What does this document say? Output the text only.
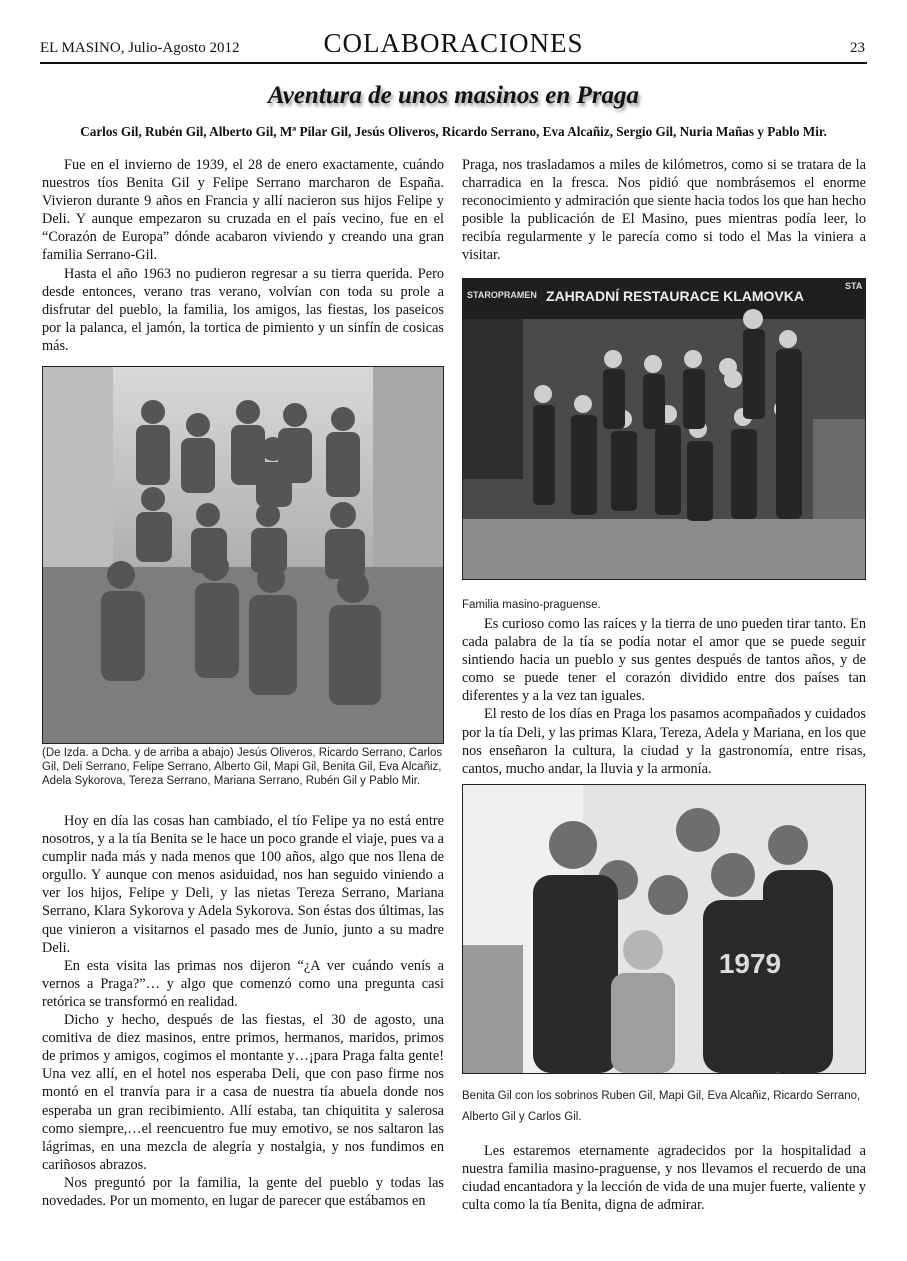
EL MASINO, Julio-Agosto 2012	COLABORACIONES	23
Aventura de unos masinos en Praga
Carlos Gil, Rubén Gil, Alberto Gil, Mª Pilar Gil, Jesús Oliveros, Ricardo Serrano, Eva Alcañiz, Sergio Gil, Nuria Mañas y Pablo Mir.

Fue en el invierno de 1939, el 28 de enero exactamente, cuándo nuestros tíos Benita Gil y Felipe Serrano marcharon de España. Vivieron durante 9 años en Francia y allí nacieron sus hijos Felipe y Deli. Y aunque empezaron su cruzada en el país vecino, fue en el “Corazón de Europa” dónde acabaron viviendo y creando una gran familia Serrano-Gil.

Hasta el año 1963 no pudieron regresar a su tierra querida. Pero desde entonces, verano tras verano, volvían con toda su prole a disfrutar del pueblo, la familia, los amigos, las fiestas, los paseicos por la palanca, el jamón, la tortica de pimiento y un sinfín de cosicas más.

(De Izda. a Dcha. y de arriba a abajo) Jesús Oliveros, Ricardo Serrano, Carlos Gil, Deli Serrano, Felipe Serrano, Alberto Gil, Mapi Gil, Benita Gil, Eva Alcañiz, Adela Sykorova, Tereza Serrano, Mariana Serrano, Rubén Gil y Pablo Mir.

Hoy en día las cosas han cambiado, el tío Felipe ya no está entre nosotros, y a la tía Benita se le hace un poco grande el viaje, pues va a cumplir nada más y nada menos que 100 años, algo que nos llena de orgullo. Y aunque con menos asiduidad, nos han seguido viniendo a ver los hijos, Felipe y Deli, y las nietas Tereza Serrano, Mariana Serrano, Klara Sykorova y Adela Sykorova. Son éstas dos últimas, las que vinieron a visitarnos el pasado mes de Junio, junto a su madre Deli.

En esta visita las primas nos dijeron “¿A ver cuándo venís a vernos a Praga?”… y algo que comenzó como una pregunta casi retórica se transformó en realidad.

Dicho y hecho, después de las fiestas, el 30 de agosto, una comitiva de diez masinos, entre primos, hermanos, maridos, primos de primos y amigos, cogimos el montante y…¡para Praga falta gente! Una vez allí, en el hotel nos esperaba Deli, que con paso firme nos montó en el tranvía para ir a casa de nuestra tía abuela donde nos esperaba un gran recibimiento. Allí estaba, tan chiquitita y salerosa como siempre,…el reencuentro fue muy emotivo, se nos saltaron las lágrimas, en una mezcla de alegría y nostalgia, y nos fundimos en cariñosos abrazos.

Nos preguntó por la familia, la gente del pueblo y todas las novedades. Por un momento, en lugar de parecer que estábamos en

Praga, nos trasladamos a miles de kilómetros, como si se tratara de la charradica en la fresca. Nos pidió que nombrásemos el enorme reconocimiento y admiración que siente hacia todos los que han hecho posible la publicación de El Masino, pues mientras podía leer, lo recibía regularmente y le parecía como si todo el Mas la viniera a visitar.

STAROPRAMEN ZAHRADNÍ RESTAURACE KLAMOVKA
STA
Familia masino-praguense.

Es curioso como las raíces y la tierra de uno pueden tirar tanto. En cada palabra de la tía se podía notar el amor que se puede seguir sintiendo hacia un pueblo y sus gentes después de tantos años, y de como se puede tener el corazón dividido entre dos países tan diferentes y a la vez tan iguales.

El resto de los días en Praga los pasamos acompañados y cuidados por la tía Deli, y las primas Klara, Tereza, Adela y Mariana, en los que nos enseñaron la cultura, la ciudad y la gastronomía, entre risas, cantos, mucho andar, la lluvia y la armonía.

1979
Benita Gil con los sobrinos Ruben Gil, Mapi Gil, Eva Alcañiz, Ricardo Serrano, Alberto Gil y Carlos Gil.

Les estaremos eternamente agradecidos por la hospitalidad a nuestra familia masino-praguense, y nos llevamos el recuerdo de una ciudad encantadora y la lección de vida de una mujer fuerte, valiente y culta como la tía Benita, digna de admirar.
